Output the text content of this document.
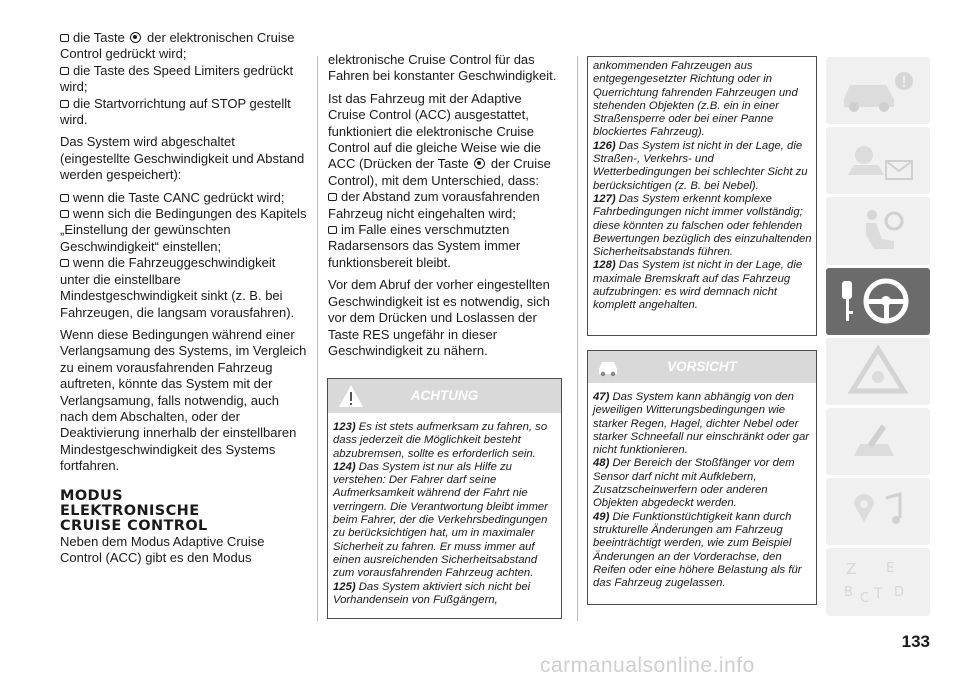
die Taste der elektronischen Cruise Control gedrückt wird;

die Taste des Speed Limiters gedrückt wird;

die Startvorrichtung auf STOP gestellt wird.

Das System wird abgeschaltet (eingestellte Geschwindigkeit und Abstand werden gespeichert):

wenn die Taste CANC gedrückt wird;

wenn sich die Bedingungen des Kapitels „Einstellung der gewünschten Geschwindigkeit“ einstellen;

wenn die Fahrzeuggeschwindigkeit unter die einstellbare Mindestgeschwindigkeit sinkt (z. B. bei Fahrzeugen, die langsam vorausfahren).

Wenn diese Bedingungen während einer Verlangsamung des Systems, im Vergleich zu einem vorausfahrenden Fahrzeug auftreten, könnte das System mit der Verlangsamung, falls notwendig, auch nach dem Abschalten, oder der Deaktivierung innerhalb der einstellbaren Mindestgeschwindigkeit des Systems fortfahren.

MODUS

ELEKTRONISCHE

CRUISE CONTROL

Neben dem Modus Adaptive Cruise Control (ACC) gibt es den Modus

elektronische Cruise Control für das Fahren bei konstanter Geschwindigkeit.

Ist das Fahrzeug mit der Adaptive Cruise Control (ACC) ausgestattet, funktioniert die elektronische Cruise Control auf die gleiche Weise wie die ACC (Drücken der Taste der Cruise Control), mit dem Unterschied, dass:

der Abstand zum vorausfahrenden Fahrzeug nicht eingehalten wird;

im Falle eines verschmutzten Radarsensors das System immer funktionsbereit bleibt.

Vor dem Abruf der vorher eingestellten Geschwindigkeit ist es notwendig, sich vor dem Drücken und Loslassen der Taste RES ungefähr in dieser Geschwindigkeit zu nähern.

ACHTUNG

123) Es ist stets aufmerksam zu fahren, so dass jederzeit die Möglichkeit besteht abzubremsen, sollte es erforderlich sein.

124) Das System ist nur als Hilfe zu verstehen: Der Fahrer darf seine Aufmerksamkeit während der Fahrt nie verringern. Die Verantwortung bleibt immer beim Fahrer, der die Verkehrsbedingungen zu berücksichtigen hat, um in maximaler Sicherheit zu fahren. Er muss immer auf einen ausreichenden Sicherheitsabstand zum vorausfahrenden Fahrzeug achten.

125) Das System aktiviert sich nicht bei Vorhandensein von Fußgängern,

ankommenden Fahrzeugen aus entgegengesetzter Richtung oder in Querrichtung fahrenden Fahrzeugen und stehenden Objekten (z.B. ein in einer Straßensperre oder bei einer Panne blockiertes Fahrzeug).

126) Das System ist nicht in der Lage, die Straßen-, Verkehrs- und Wetterbedingungen bei schlechter Sicht zu berücksichtigen (z. B. bei Nebel).

127) Das System erkennt komplexe Fahrbedingungen nicht immer vollständig; diese könnten zu falschen oder fehlenden Bewertungen bezüglich des einzuhaltenden Sicherheitsabstands führen.

128) Das System ist nicht in der Lage, die maximale Bremskraft auf das Fahrzeug aufzubringen: es wird demnach nicht komplett angehalten.

VORSICHT

47) Das System kann abhängig von den jeweiligen Witterungsbedingungen wie starker Regen, Hagel, dichter Nebel oder starker Schneefall nur einschränkt oder gar nicht funktionieren.

48) Der Bereich der Stoßfänger vor dem Sensor darf nicht mit Aufklebern, Zusatzscheinwerfern oder anderen Objekten abgedeckt werden.

49) Die Funktionstüchtigkeit kann durch strukturelle Änderungen am Fahrzeug beeinträchtigt werden, wie zum Beispiel Änderungen an der Vorderachse, den Reifen oder eine höhere Belastung als für das Fahrzeug zugelassen.

Z E
B C T D
133
carmanualsonline.info
